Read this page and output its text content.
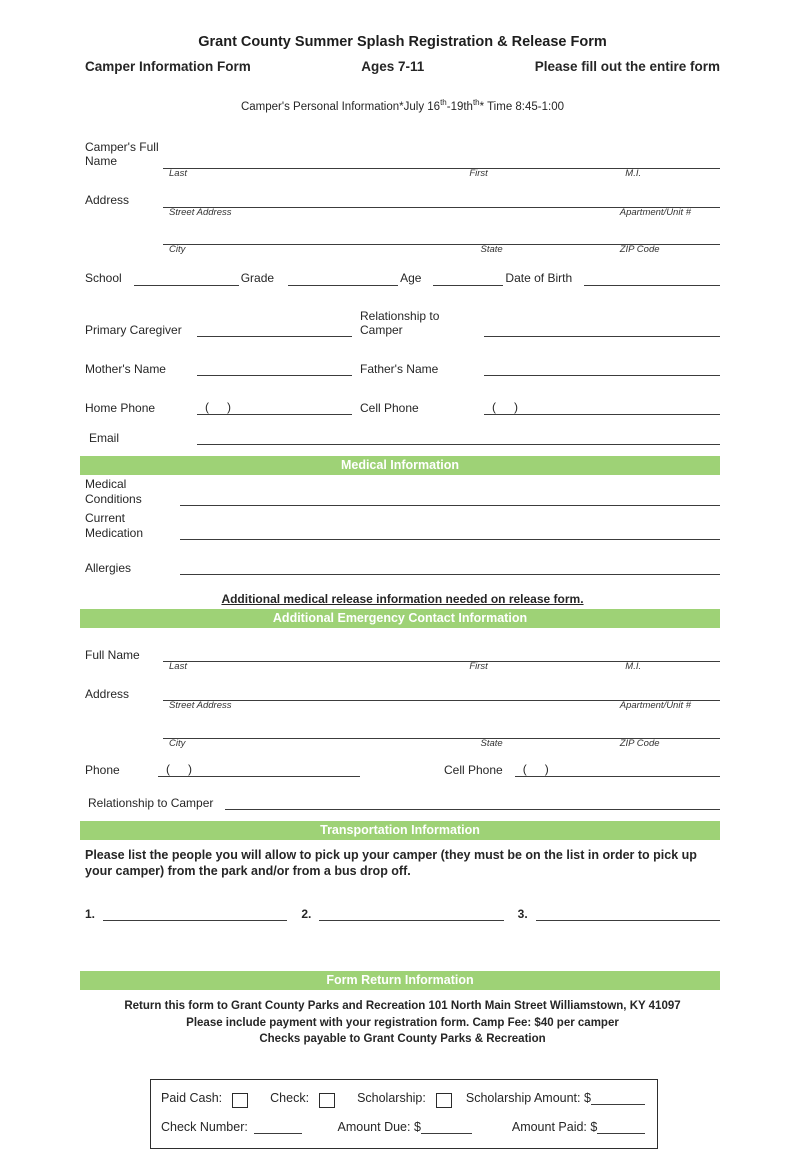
Grant County Summer Splash Registration & Release Form
Camper Information Form	Ages 7-11	Please fill out the entire form
Camper's Personal Information*July $16th-19th^{th}*$ Time 8:45-1:00
Camper's Full Name
Last	First	M.I.
Address
Street Address	Apartment/Unit #
City	State	ZIP Code
School	Grade	Age	Date of Birth
Primary Caregiver
Relationship to Camper
Mother's Name	Father's Name
Home Phone	(   )	Cell Phone	(   )
Email
Medical Information
Medical Conditions
Current Medication
Allergies
Additional medical release information needed on release form.
Additional Emergency Contact Information
Full Name
Last	First	M.I.
Address
Street Address	Apartment/Unit #
City	State	ZIP Code
Phone	(   )	Cell Phone	(   )
Relationship to Camper
Transportation Information
Please list the people you will allow to pick up your camper (they must be on the list in order to pick up your camper) from the park and/or from a bus drop off.
1.	2.	3.
Form Return Information
Return this form to Grant County Parks and Recreation 101 North Main Street Williamstown, KY 41097
Please include payment with your registration form. Camp Fee: $40 per camper
Checks payable to Grant County Parks & Recreation
Paid Cash:	Check:	Scholarship:	Scholarship Amount: $
Check Number:	Amount Due: $	Amount Paid: $
